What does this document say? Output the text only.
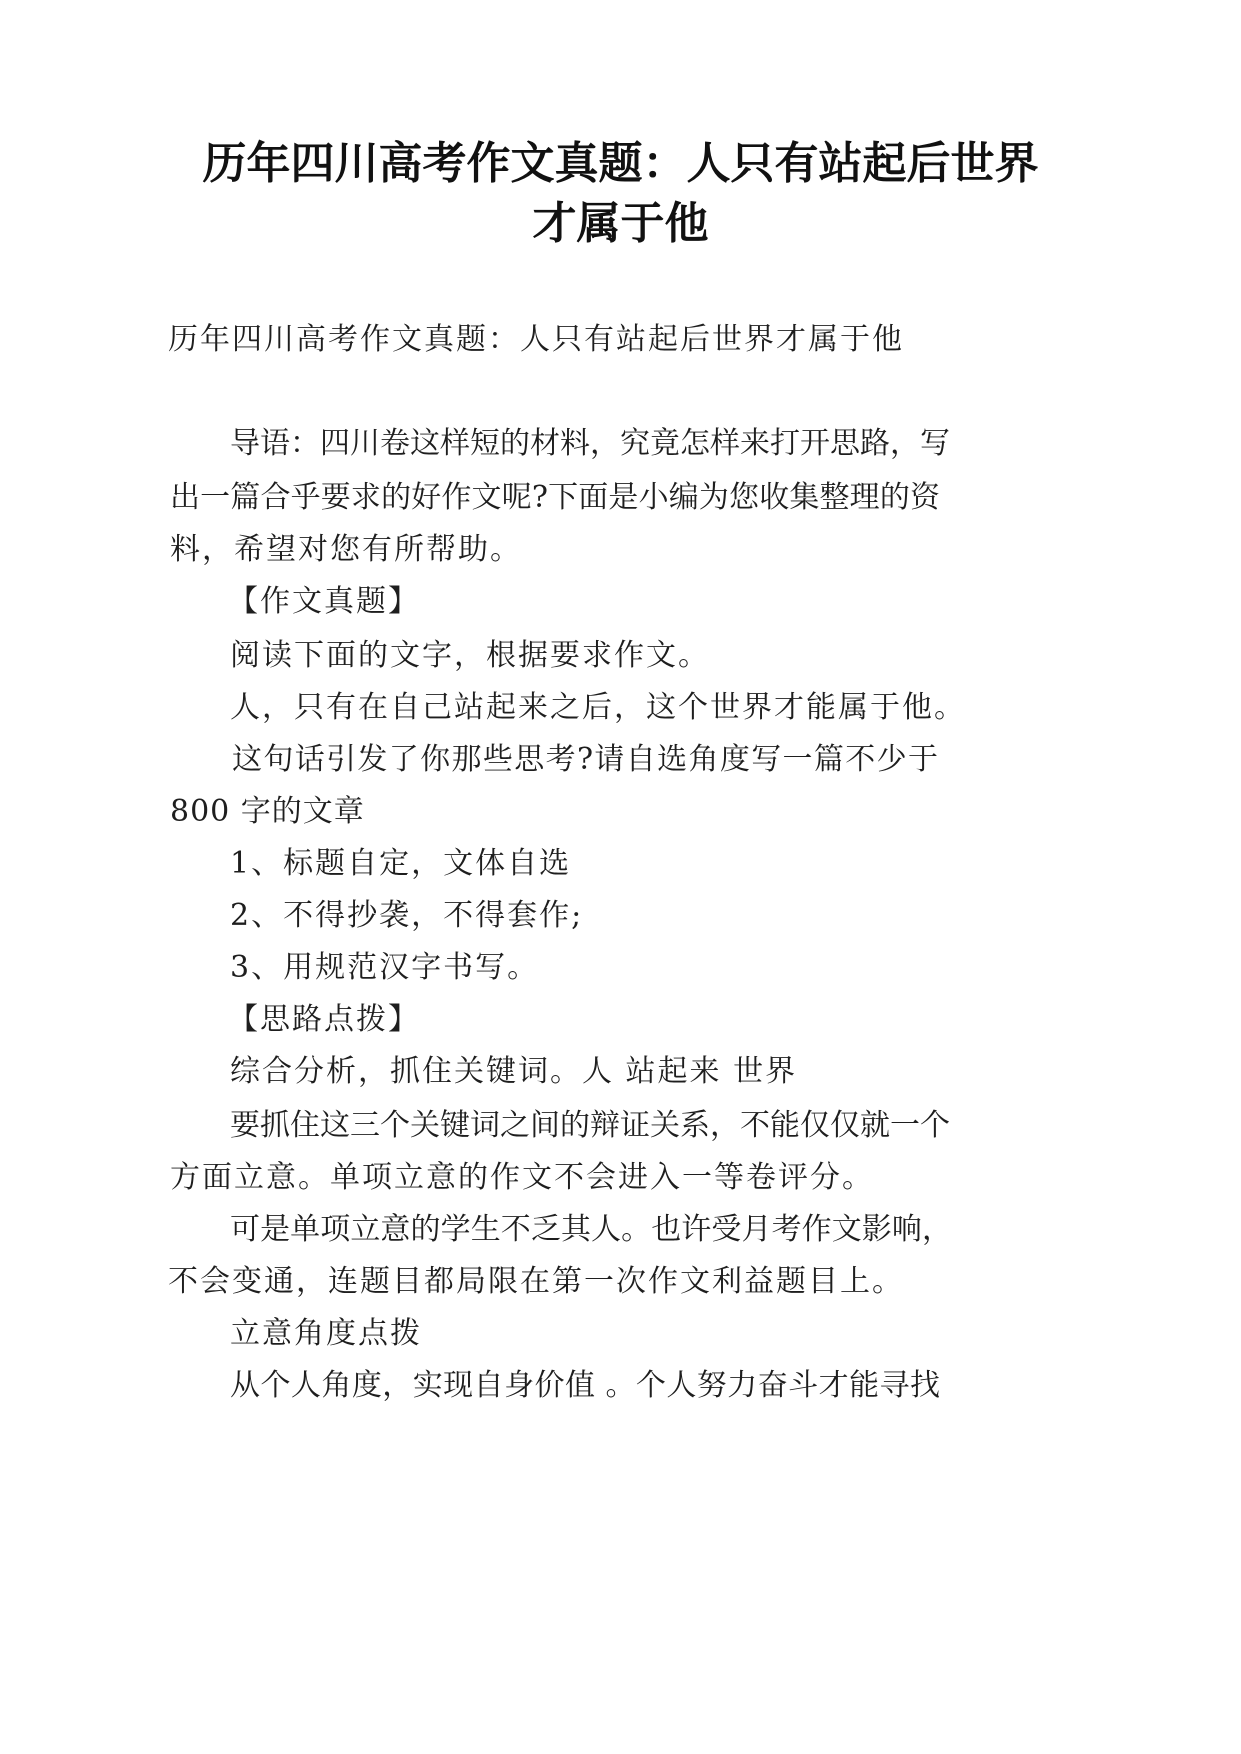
历年四川高考作文真题：人只有站起后世界
才属于他
历年四川高考作文真题：人只有站起后世界才属于他
导语：四川卷这样短的材料，究竟怎样来打开思路，写
出一篇合乎要求的好作文呢?下面是小编为您收集整理的资
料，希望对您有所帮助。
【作文真题】
阅读下面的文字，根据要求作文。
人，只有在自己站起来之后，这个世界才能属于他。
这句话引发了你那些思考?请自选角度写一篇不少于
800 字的文章
1、标题自定，文体自选
2、不得抄袭，不得套作;
3、用规范汉字书写。
【思路点拨】
综合分析，抓住关键词。人 站起来 世界
要抓住这三个关键词之间的辩证关系，不能仅仅就一个
方面立意。单项立意的作文不会进入一等卷评分。
可是单项立意的学生不乏其人。也许受月考作文影响，
不会变通，连题目都局限在第一次作文利益题目上。
立意角度点拨
从个人角度，实现自身价值 。个人努力奋斗才能寻找
